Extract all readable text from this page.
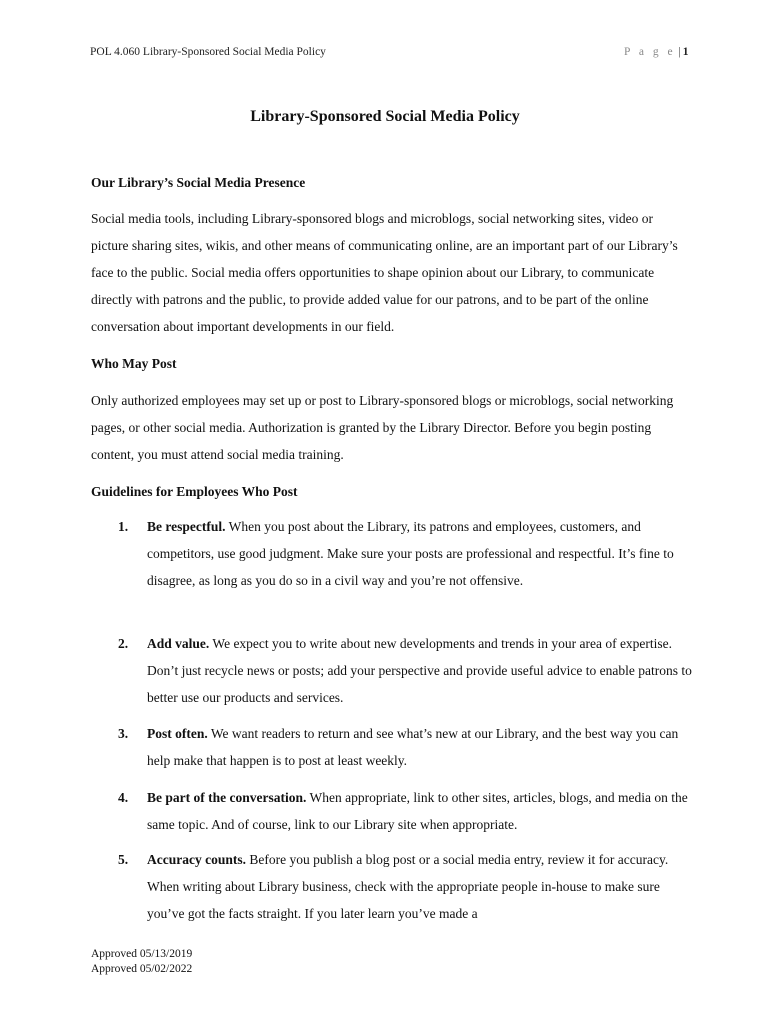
POL 4.060 Library-Sponsored Social Media Policy	P a g e | 1
Library-Sponsored Social Media Policy
Our Library’s Social Media Presence

Social media tools, including Library-sponsored blogs and microblogs, social networking sites, video or picture sharing sites, wikis, and other means of communicating online, are an important part of our Library’s face to the public. Social media offers opportunities to shape opinion about our Library, to communicate directly with patrons and the public, to provide added value for our patrons, and to be part of the online conversation about important developments in our field.

Who May Post

Only authorized employees may set up or post to Library-sponsored blogs or microblogs, social networking pages, or other social media. Authorization is granted by the Library Director. Before you begin posting content, you must attend social media training.

Guidelines for Employees Who Post
1. Be respectful. When you post about the Library, its patrons and employees, customers, and competitors, use good judgment. Make sure your posts are professional and respectful. It’s fine to disagree, as long as you do so in a civil way and you’re not offensive.
2. Add value. We expect you to write about new developments and trends in your area of expertise. Don’t just recycle news or posts; add your perspective and provide useful advice to enable patrons to better use our products and services.
3. Post often. We want readers to return and see what’s new at our Library, and the best way you can help make that happen is to post at least weekly.
4. Be part of the conversation. When appropriate, link to other sites, articles, blogs, and media on the same topic. And of course, link to our Library site when appropriate.
5. Accuracy counts. Before you publish a blog post or a social media entry, review it for accuracy. When writing about Library business, check with the appropriate people in-house to make sure you’ve got the facts straight. If you later learn you’ve made a
Approved 05/13/2019
Approved 05/02/2022
